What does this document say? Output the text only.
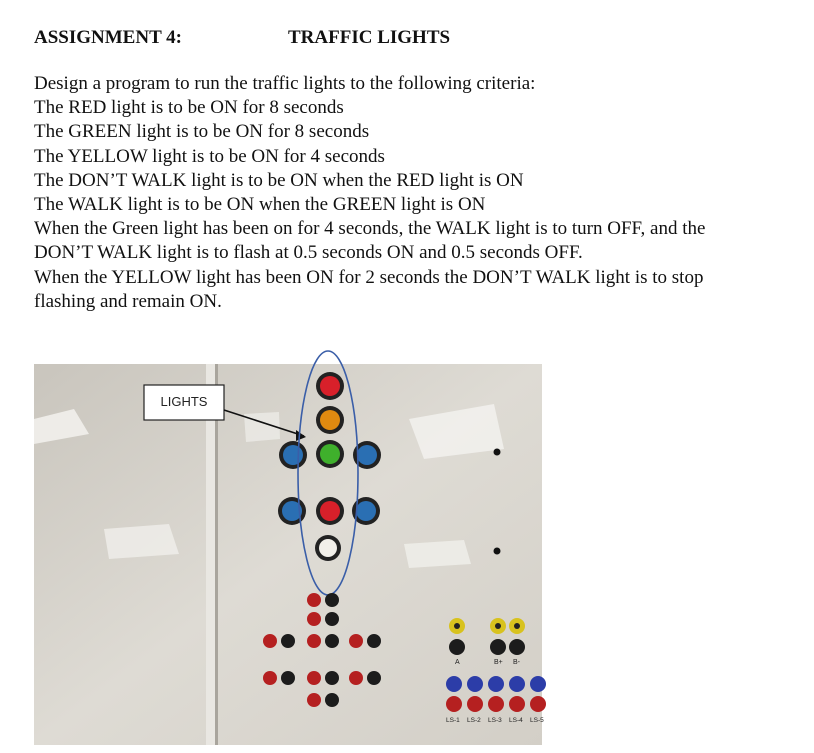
ASSIGNMENT 4:	TRAFFIC LIGHTS

Design a program to run the traffic lights to the following criteria:

The RED light is to be ON for 8 seconds

The GREEN light is to be ON for 8 seconds

The YELLOW light is to be ON for 4 seconds

The DON’T WALK light is to be ON when the RED light is ON

The WALK light is to be ON when the GREEN light is ON

When the Green light has been on for 4 seconds, the WALK light is to turn OFF, and the

DON’T WALK light is to flash at 0.5 seconds ON and 0.5 seconds OFF.

When the YELLOW light has been ON for 2 seconds the DON’T WALK light is to stop

flashing and remain ON.

LIGHTS
A	B+ B-
LS-1 LS-2 LS-3 LS-4 LS-5
